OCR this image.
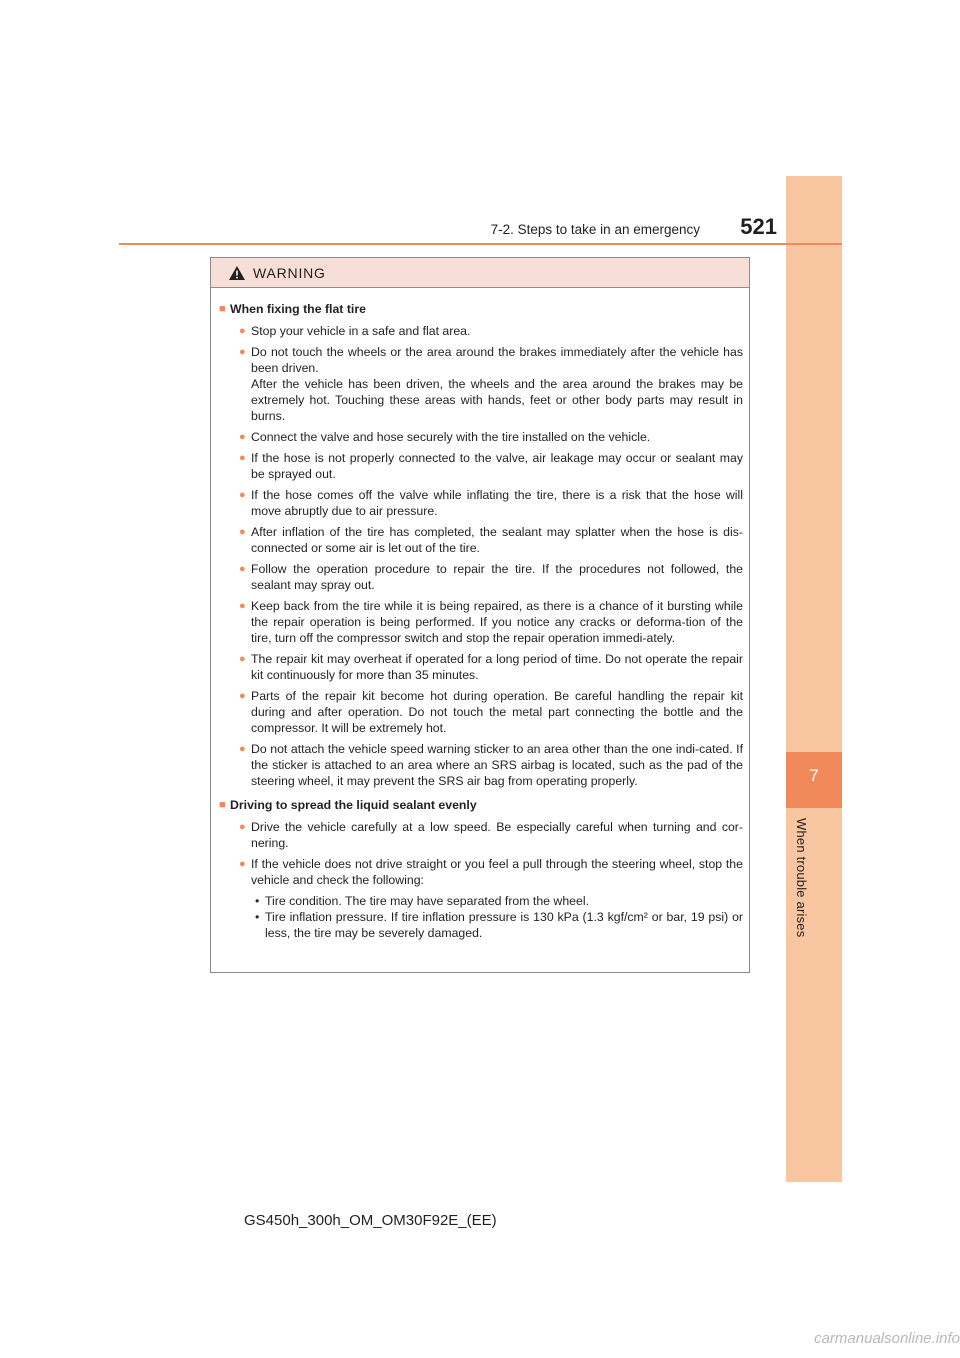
7
When trouble arises
7-2. Steps to take in an emergency	521
WARNING
■ When fixing the flat tire
● Stop your vehicle in a safe and flat area.
● Do not touch the wheels or the area around the brakes immediately after the vehicle has been driven.
After the vehicle has been driven, the wheels and the area around the brakes may be extremely hot. Touching these areas with hands, feet or other body parts may result in burns.
● Connect the valve and hose securely with the tire installed on the vehicle.
● If the hose is not properly connected to the valve, air leakage may occur or sealant may be sprayed out.
● If the hose comes off the valve while inflating the tire, there is a risk that the hose will move abruptly due to air pressure.
● After inflation of the tire has completed, the sealant may splatter when the hose is dis-connected or some air is let out of the tire.
● Follow the operation procedure to repair the tire. If the procedures not followed, the sealant may spray out.
● Keep back from the tire while it is being repaired, as there is a chance of it bursting while the repair operation is being performed. If you notice any cracks or deforma-tion of the tire, turn off the compressor switch and stop the repair operation immedi-ately.
● The repair kit may overheat if operated for a long period of time. Do not operate the repair kit continuously for more than 35 minutes.
● Parts of the repair kit become hot during operation. Be careful handling the repair kit during and after operation. Do not touch the metal part connecting the bottle and the compressor. It will be extremely hot.
● Do not attach the vehicle speed warning sticker to an area other than the one indi-cated. If the sticker is attached to an area where an SRS airbag is located, such as the pad of the steering wheel, it may prevent the SRS air bag from operating properly.
■ Driving to spread the liquid sealant evenly
● Drive the vehicle carefully at a low speed. Be especially careful when turning and cor-nering.
● If the vehicle does not drive straight or you feel a pull through the steering wheel, stop the vehicle and check the following:
• Tire condition. The tire may have separated from the wheel.
• Tire inflation pressure. If tire inflation pressure is 130 kPa (1.3 kgf/cm² or bar, 19 psi) or less, the tire may be severely damaged.
GS450h_300h_OM_OM30F92E_(EE)
carmanualsonline.info
